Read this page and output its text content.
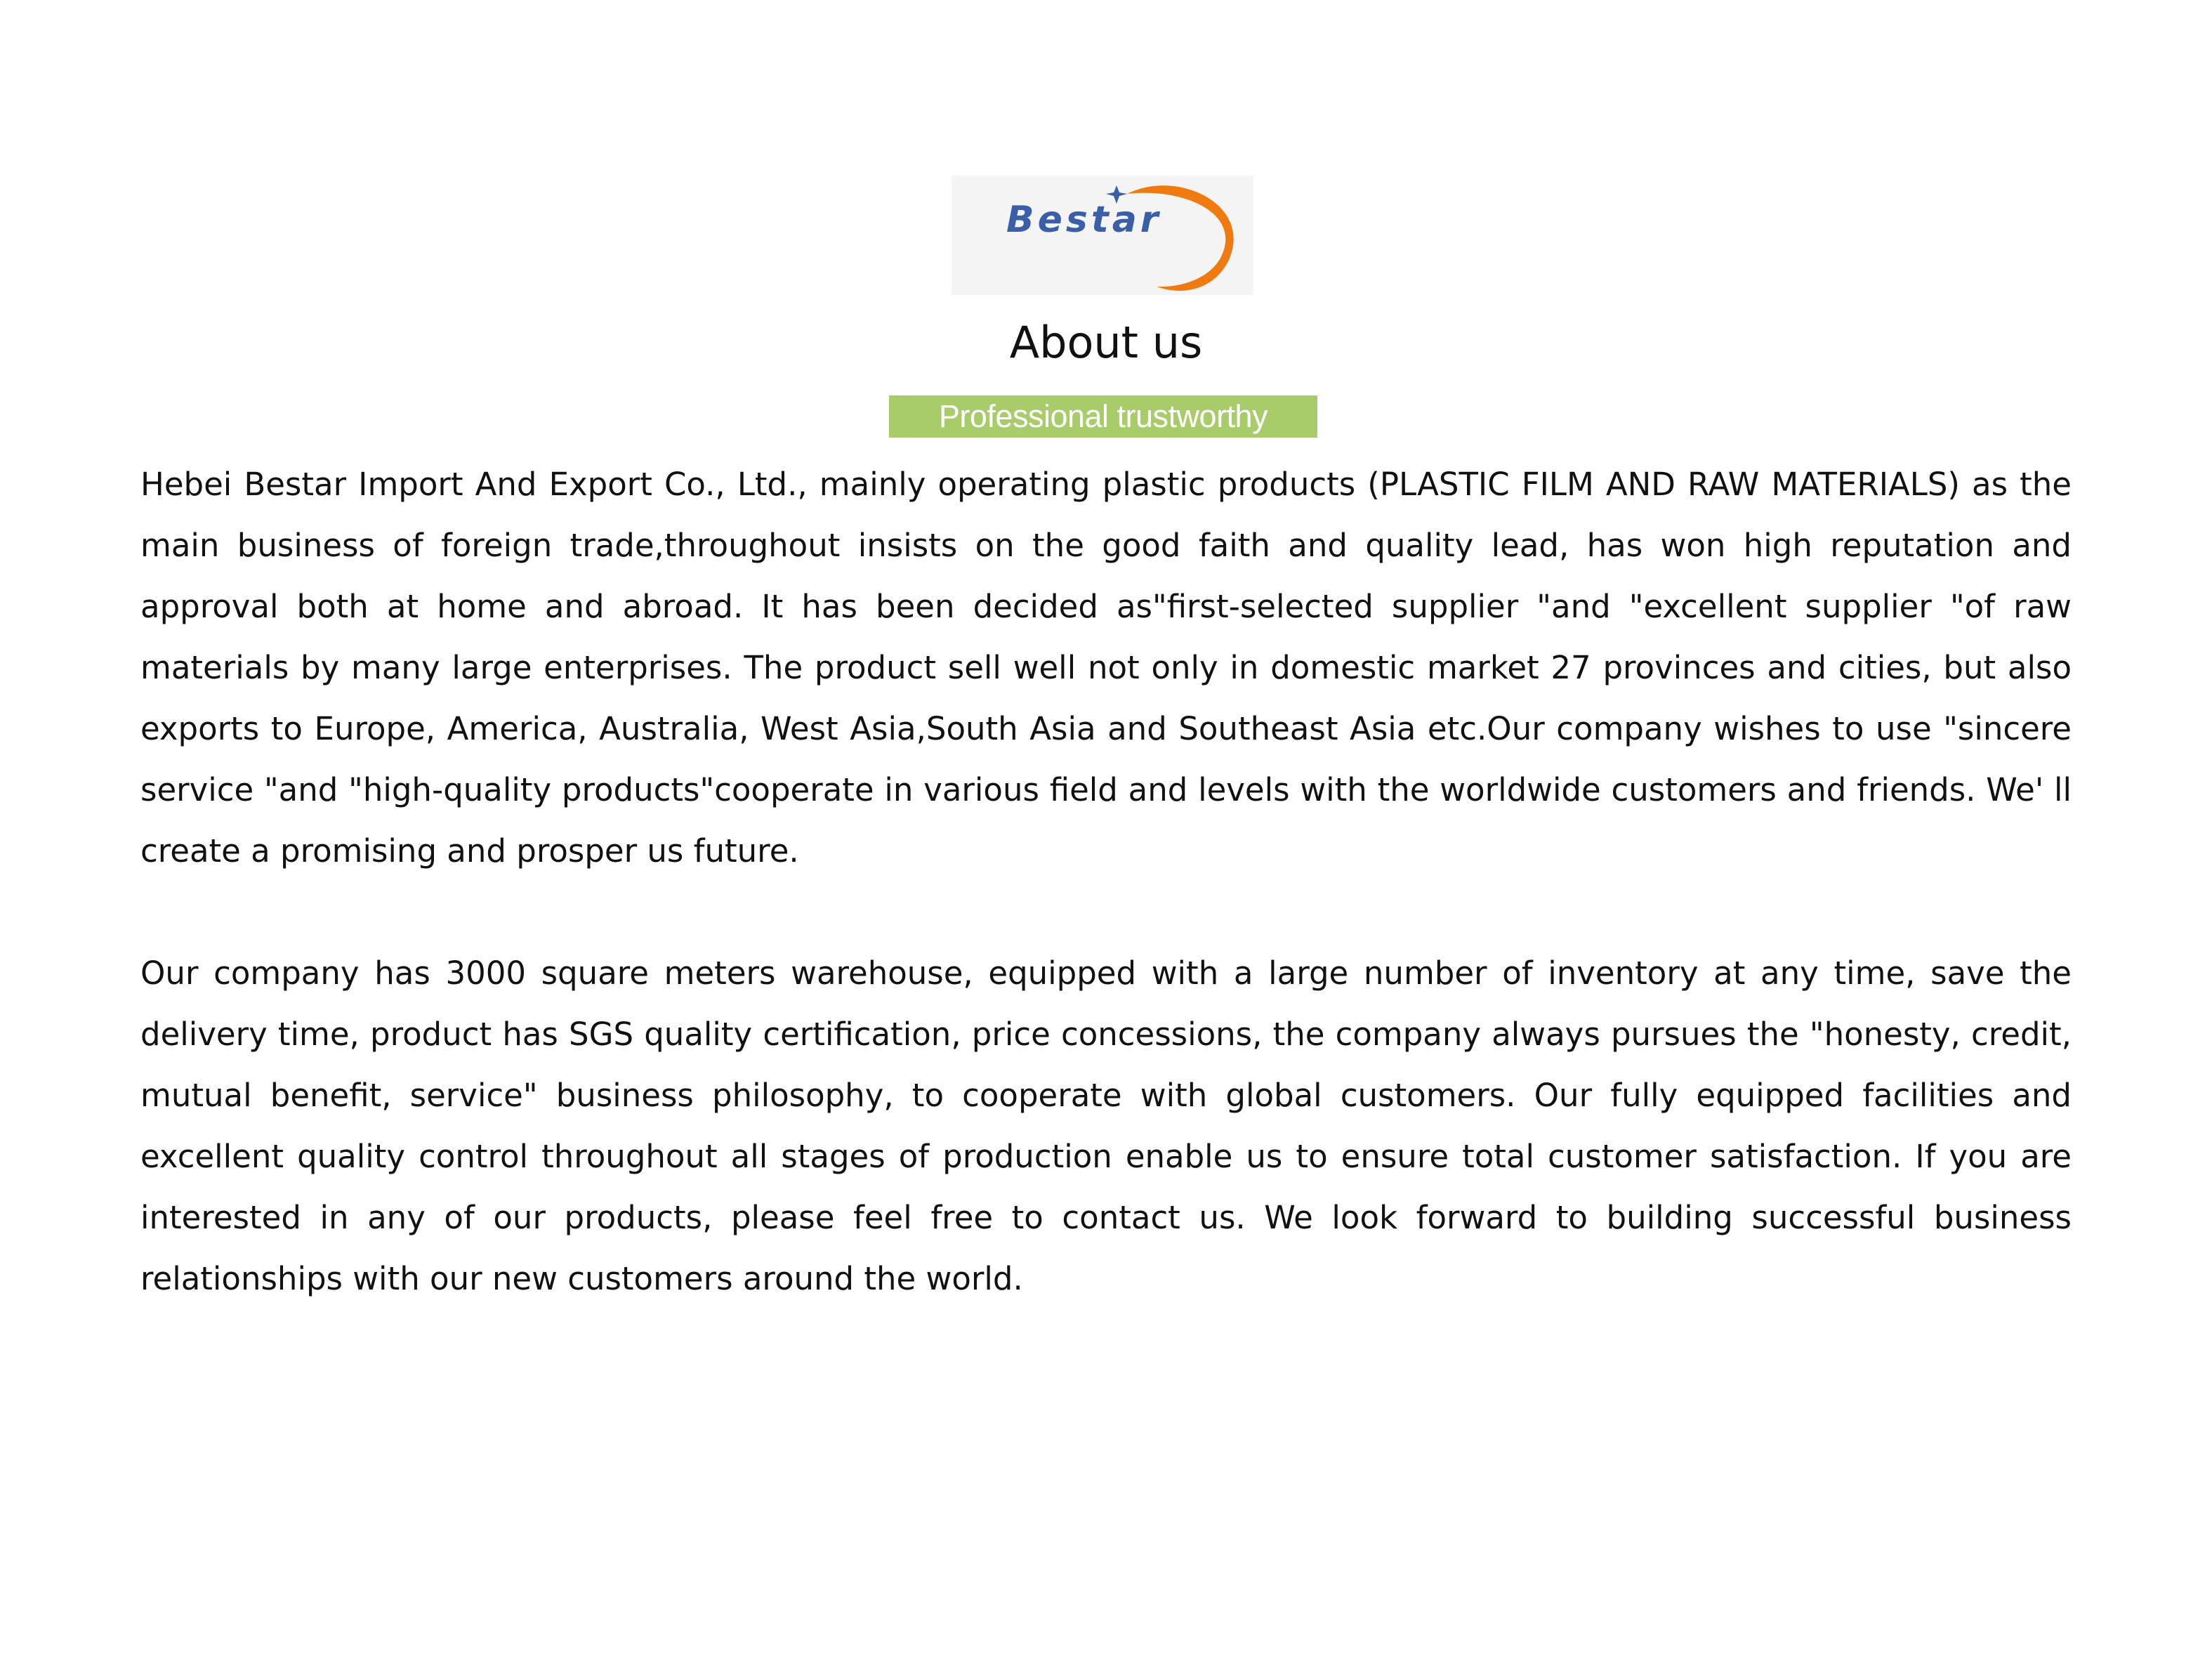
Bestar
About us
Professional trustworthy

Hebei Bestar Import And Export Co., Ltd., mainly operating plastic products (PLASTIC FILM AND RAW MATERIALS) as the main business of foreign trade,throughout insists on the good faith and quality lead, has won high reputation and approval both at home and abroad. It has been decided as"first-selected supplier "and "excellent supplier "of raw materials by many large enterprises. The product sell well not only in domestic market 27 provinces and cities, but also exports to Europe, America, Australia, West Asia,South Asia and Southeast Asia etc.Our company wishes to use "sincere service "and "high-quality products"cooperate in various field and levels with the worldwide customers and friends. We' ll create a promising and prosper us future.

Our company has 3000 square meters warehouse, equipped with a large number of inventory at any time, save the delivery time, product has SGS quality certification, price concessions, the company always pursues the "honesty, credit, mutual benefit, service" business philosophy, to cooperate with global customers. Our fully equipped facilities and excellent quality control throughout all stages of production enable us to ensure total customer satisfaction. If you are interested in any of our products, please feel free to contact us. We look forward to building successful business relationships with our new customers around the world.
